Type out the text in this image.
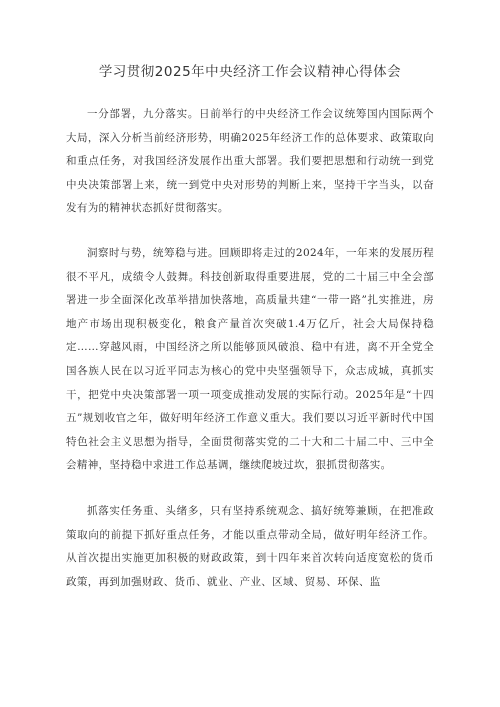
学习贯彻2025年中央经济工作会议精神心得体会

一分部署，九分落实。日前举行的中央经济工作会议统筹国内国际两个大局，深入分析当前经济形势，明确2025年经济工作的总体要求、政策取向和重点任务，对我国经济发展作出重大部署。我们要把思想和行动统一到党中央决策部署上来，统一到党中央对形势的判断上来，坚持干字当头，以奋发有为的精神状态抓好贯彻落实。

洞察时与势，统筹稳与进。回顾即将走过的2024年，一年来的发展历程很不平凡，成绩令人鼓舞。科技创新取得重要进展，党的二十届三中全会部署进一步全面深化改革举措加快落地，高质量共建“一带一路”扎实推进，房地产市场出现积极变化，粮食产量首次突破1.4万亿斤，社会大局保持稳定……穿越风雨，中国经济之所以能够顶风破浪、稳中有进，离不开全党全国各族人民在以习近平同志为核心的党中央坚强领导下，众志成城，真抓实干，把党中央决策部署一项一项变成推动发展的实际行动。2025年是“十四五”规划收官之年，做好明年经济工作意义重大。我们要以习近平新时代中国特色社会主义思想为指导，全面贯彻落实党的二十大和二十届二中、三中全会精神，坚持稳中求进工作总基调，继续爬坡过坎，狠抓贯彻落实。

抓落实任务重、头绪多，只有坚持系统观念、搞好统筹兼顾，在把准政策取向的前提下抓好重点任务，才能以重点带动全局，做好明年经济工作。从首次提出实施更加积极的财政政策，到十四年来首次转向适度宽松的货币政策，再到加强财政、货币、就业、产业、区域、贸易、环保、监
